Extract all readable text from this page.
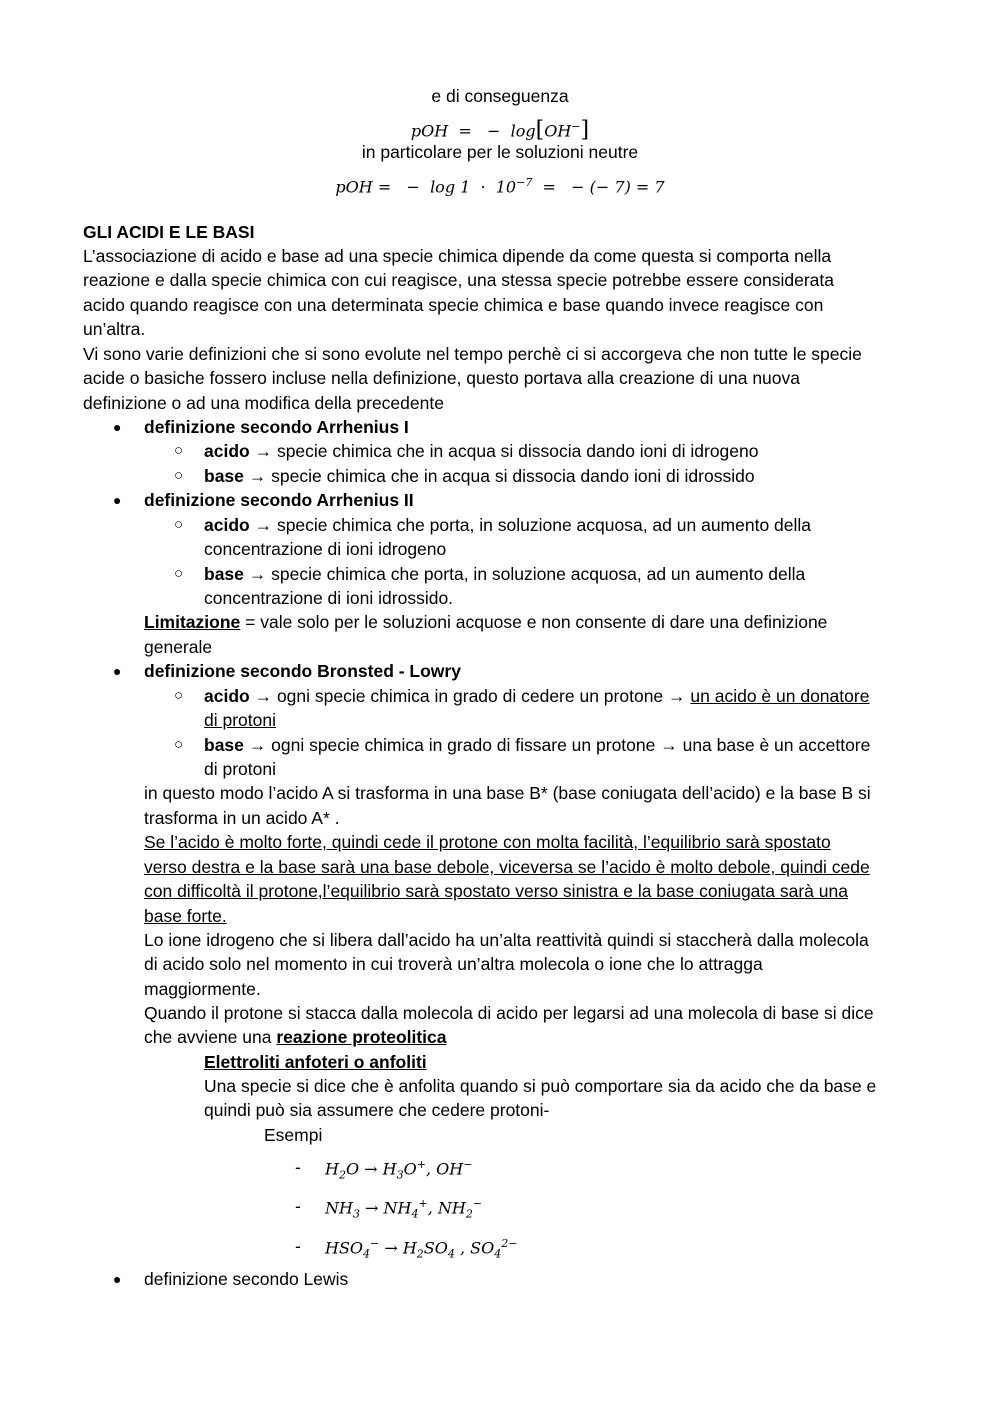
e di conseguenza
pOH  =   −  log[OH−]
in particolare per le soluzioni neutre
pOH =   −  $\log 1 \cdot 10^{-7}$  =   − (− 7) = 7
GLI ACIDI E LE BASI
L’associazione di acido e base ad una specie chimica dipende da come questa si comporta nella
reazione e dalla specie chimica con cui reagisce, una stessa specie potrebbe essere considerata
acido quando reagisce con una determinata specie chimica e base quando invece reagisce con
un’altra.
Vi sono varie definizioni che si sono evolute nel tempo perchè ci si accorgeva che non tutte le specie
acide o basiche fossero incluse nella definizione, questo portava alla creazione di una nuova
definizione o ad una modifica della precedente
● definizione secondo Arrhenius I
○ acido → specie chimica che in acqua si dissocia dando ioni di idrogeno
○ base → specie chimica che in acqua si dissocia dando ioni di idrossido
● definizione secondo Arrhenius II
○ acido → specie chimica che porta, in soluzione acquosa, ad un aumento della
concentrazione di ioni idrogeno
○ base → specie chimica che porta, in soluzione acquosa, ad un aumento della
concentrazione di ioni idrossido.
Limitazione = vale solo per le soluzioni acquose e non consente di dare una definizione
generale
● definizione secondo Bronsted - Lowry
○ acido → ogni specie chimica in grado di cedere un protone → un acido è un donatore
di protoni
○ base → ogni specie chimica in grado di fissare un protone → una base è un accettore
di protoni
in questo modo l’acido A si trasforma in una base B* (base coniugata dell’acido) e la base B si
trasforma in un acido A* .
Se l’acido è molto forte, quindi cede il protone con molta facilità, l’equilibrio sarà spostato
verso destra e la base sarà una base debole, viceversa se l’acido è molto debole, quindi cede
con difficoltà il protone,l’equilibrio sarà spostato verso sinistra e la base coniugata sarà una
base forte.
Lo ione idrogeno che si libera dall’acido ha un’alta reattività quindi si staccherà dalla molecola
di acido solo nel momento in cui troverà un’altra molecola o ione che lo attragga
maggiormente.
Quando il protone si stacca dalla molecola di acido per legarsi ad una molecola di base si dice
che avviene una reazione proteolitica
Elettroliti anfoteri o anfoliti
Una specie si dice che è anfolita quando si può comportare sia da acido che da base e
quindi può sia assumere che cedere protoni-
Esempi
- $H_2O \to H_3O^+$, OH−
- $NH_3 \to NH_4^+$, $NH_2^-$
- $HSO_4^- \to H_2SO_4$ , $SO_4^{2-}$
● definizione secondo Lewis
